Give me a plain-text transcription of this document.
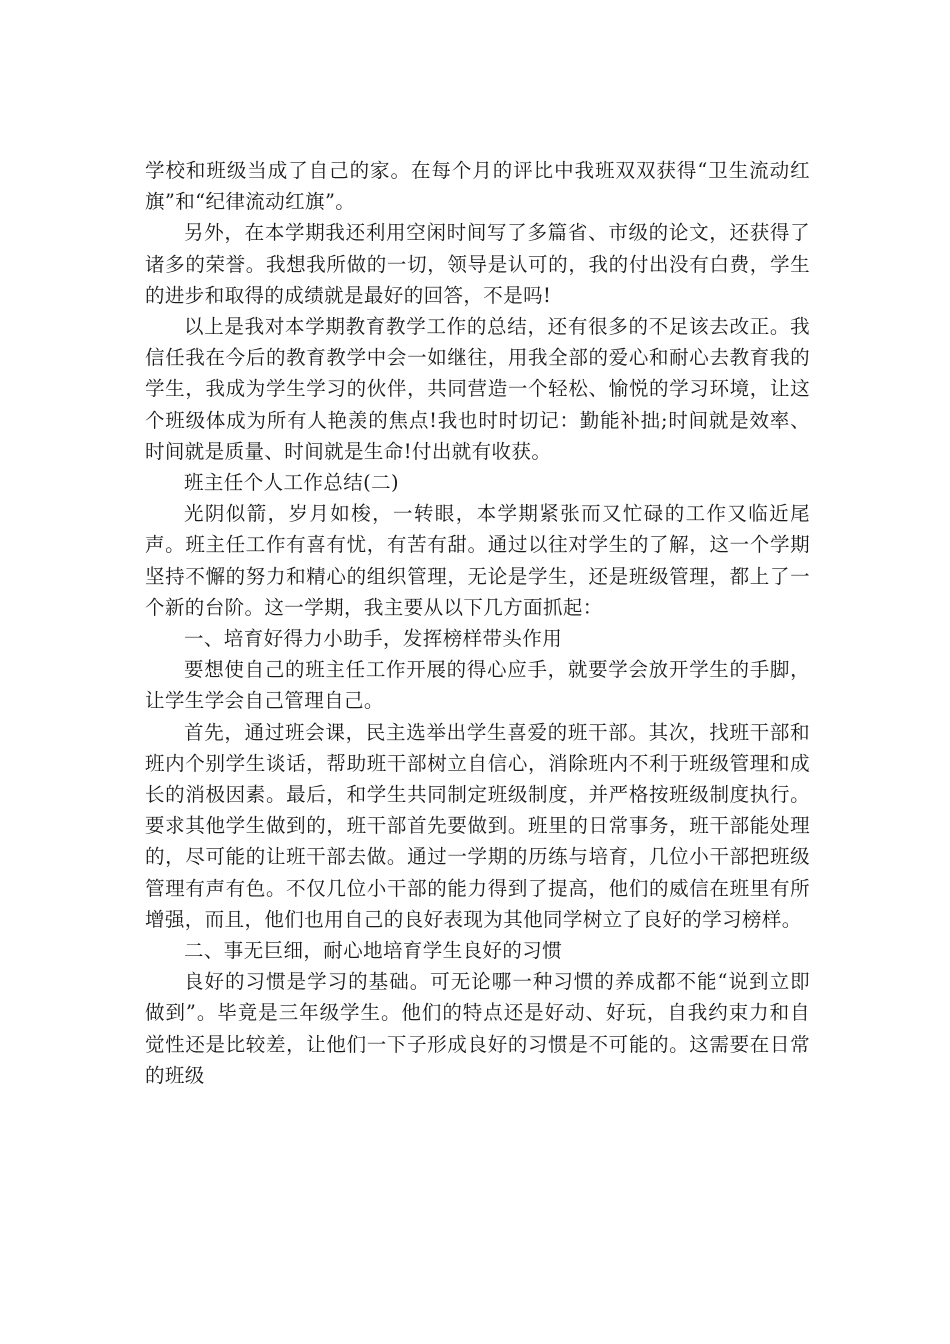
学校和班级当成了自己的家。在每个月的评比中我班双双获得“卫生流动红旗”和“纪律流动红旗”。

另外，在本学期我还利用空闲时间写了多篇省、市级的论文，还获得了诸多的荣誉。我想我所做的一切，领导是认可的，我的付出没有白费，学生的进步和取得的成绩就是最好的回答，不是吗!

以上是我对本学期教育教学工作的总结，还有很多的不足该去改正。我信任我在今后的教育教学中会一如继往，用我全部的爱心和耐心去教育我的学生，我成为学生学习的伙伴，共同营造一个轻松、愉悦的学习环境，让这个班级体成为所有人艳羡的焦点!我也时时切记：勤能补拙;时间就是效率、时间就是质量、时间就是生命!付出就有收获。

班主任个人工作总结(二)

光阴似箭，岁月如梭，一转眼，本学期紧张而又忙碌的工作又临近尾声。班主任工作有喜有忧，有苦有甜。通过以往对学生的了解，这一个学期坚持不懈的努力和精心的组织管理，无论是学生，还是班级管理，都上了一个新的台阶。这一学期，我主要从以下几方面抓起：

一、培育好得力小助手，发挥榜样带头作用

要想使自己的班主任工作开展的得心应手，就要学会放开学生的手脚，让学生学会自己管理自己。

首先，通过班会课，民主选举出学生喜爱的班干部。其次，找班干部和班内个别学生谈话，帮助班干部树立自信心，消除班内不利于班级管理和成长的消极因素。最后，和学生共同制定班级制度，并严格按班级制度执行。要求其他学生做到的，班干部首先要做到。班里的日常事务，班干部能处理的，尽可能的让班干部去做。通过一学期的历练与培育，几位小干部把班级管理有声有色。不仅几位小干部的能力得到了提高，他们的威信在班里有所增强，而且，他们也用自己的良好表现为其他同学树立了良好的学习榜样。

二、事无巨细，耐心地培育学生良好的习惯

良好的习惯是学习的基础。可无论哪一种习惯的养成都不能“说到立即做到”。毕竟是三年级学生。他们的特点还是好动、好玩，自我约束力和自觉性还是比较差，让他们一下子形成良好的习惯是不可能的。这需要在日常的班级
